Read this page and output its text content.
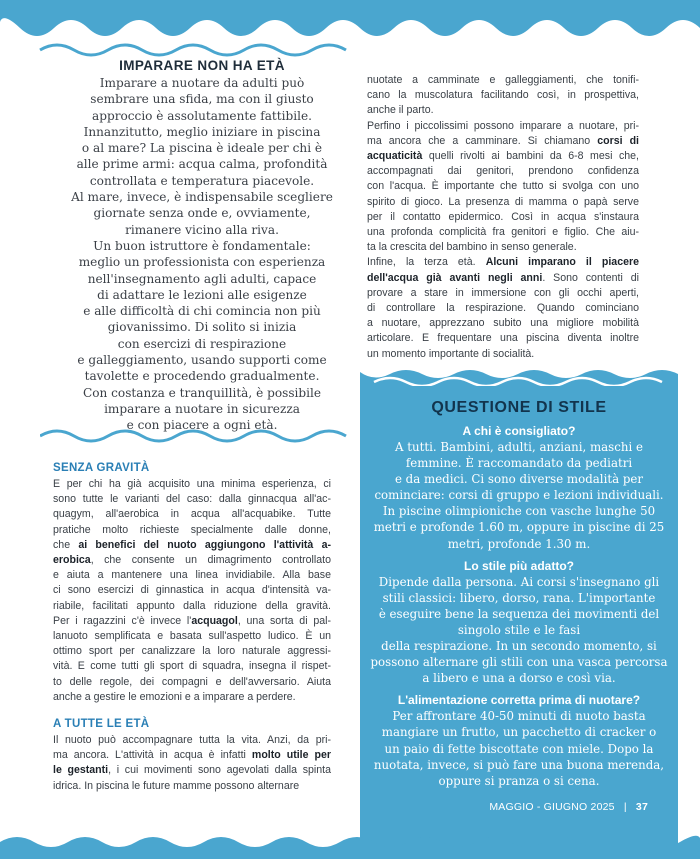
IMPARARE NON HA ETÀ
Imparare a nuotare da adulti può
sembrare una sfida, ma con il giusto
approccio è assolutamente fattibile.
Innanzitutto, meglio iniziare in piscina
o al mare? La piscina è ideale per chi è
alle prime armi: acqua calma, profondità
controllata e temperatura piacevole.
Al mare, invece, è indispensabile scegliere
giornate senza onde e, ovviamente,
rimanere vicino alla riva.
Un buon istruttore è fondamentale:
meglio un professionista con esperienza
nell'insegnamento agli adulti, capace
di adattare le lezioni alle esigenze
e alle difficoltà di chi comincia non più
giovanissimo. Di solito si inizia
con esercizi di respirazione
e galleggiamento, usando supporti come
tavolette e procedendo gradualmente.
Con costanza e tranquillità, è possibile
imparare a nuotare in sicurezza
e con piacere a ogni età.
SENZA GRAVITÀ
E per chi ha già acquisito una minima esperienza, ci
sono tutte le varianti del caso: dalla ginnacqua all'ac-
quagym, all'aerobica in acqua all'acquabike. Tutte
pratiche molto richieste specialmente dalle donne,
che ai benefici del nuoto aggiungono l'attività a-
erobica, che consente un dimagrimento controllato
e aiuta a mantenere una linea invidiabile. Alla base
ci sono esercizi di ginnastica in acqua d'intensità va-
riabile, facilitati appunto dalla riduzione della gravità.
Per i ragazzini c'è invece l'acquagol, una sorta di pal-
lanuoto semplificata e basata sull'aspetto ludico. È un
ottimo sport per canalizzare la loro naturale aggressi-
vità. E come tutti gli sport di squadra, insegna il rispet-
to delle regole, dei compagni e dell'avversario. Aiuta
anche a gestire le emozioni e a imparare a perdere.
A TUTTE LE ETÀ
Il nuoto può accompagnare tutta la vita. Anzi, da pri-
ma ancora. L'attività in acqua è infatti molto utile per
le gestanti, i cui movimenti sono agevolati dalla spinta
idrica. In piscina le future mamme possono alternare
nuotate a camminate e galleggiamenti, che tonifi-
cano la muscolatura facilitando così, in prospettiva,
anche il parto.
Perfino i piccolissimi possono imparare a nuotare, pri-
ma ancora che a camminare. Si chiamano corsi di
acquaticità quelli rivolti ai bambini da 6-8 mesi che,
accompagnati dai genitori, prendono confidenza
con l'acqua. È importante che tutto si svolga con uno
spirito di gioco. La presenza di mamma o papà serve
per il contatto epidermico. Così in acqua s'instaura
una profonda complicità fra genitori e figlio. Che aiu-
ta la crescita del bambino in senso generale.
Infine, la terza età. Alcuni imparano il piacere
dell'acqua già avanti negli anni. Sono contenti di
provare a stare in immersione con gli occhi aperti,
di controllare la respirazione. Quando cominciano
a nuotare, apprezzano subito una migliore mobilità
articolare. E frequentare una piscina diventa inoltre
un momento importante di socialità.
QUESTIONE DI STILE
A chi è consigliato?
A tutti. Bambini, adulti, anziani, maschi e
femmine. È raccomandato da pediatri
e da medici. Ci sono diverse modalità per
cominciare: corsi di gruppo e lezioni individuali.
In piscine olimpioniche con vasche lunghe 50
metri e profonde 1.60 m, oppure in piscine di 25
metri, profonde 1.30 m.
Lo stile più adatto?
Dipende dalla persona. Ai corsi s'insegnano gli
stili classici: libero, dorso, rana. L'importante
è eseguire bene la sequenza dei movimenti del
singolo stile e le fasi
della respirazione. In un secondo momento, si
possono alternare gli stili con una vasca percorsa
a libero e una a dorso e così via.
L'alimentazione corretta prima di nuotare?
Per affrontare 40-50 minuti di nuoto basta
mangiare un frutto, un pacchetto di cracker o
un paio di fette biscottate con miele. Dopo la
nuotata, invece, si può fare una buona merenda,
oppure si pranza o si cena.
MAGGIO - GIUGNO 2025 | 37
